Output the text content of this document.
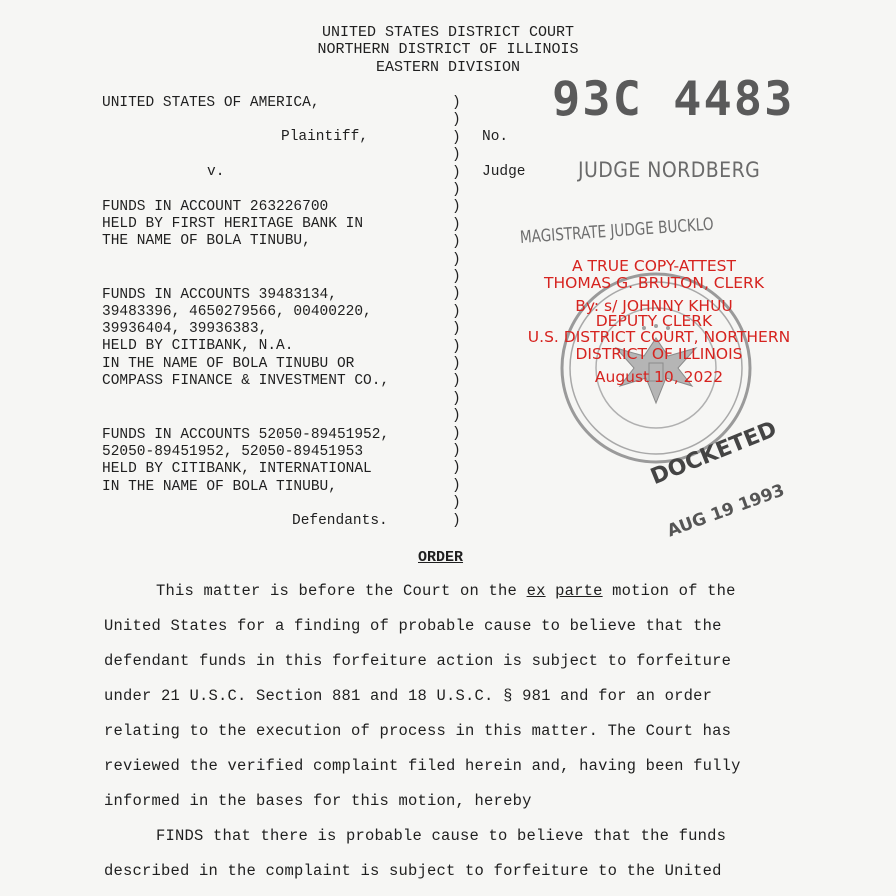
UNITED STATES DISTRICT COURT
NORTHERN DISTRICT OF ILLINOIS
EASTERN DIVISION
93C 4483
UNITED STATES OF AMERICA,
Plaintiff,
v.
FUNDS IN ACCOUNT 263226700
HELD BY FIRST HERITAGE BANK IN
THE NAME OF BOLA TINUBU,
FUNDS IN ACCOUNTS 39483134,
39483396, 4650279566, 00400220,
39936404, 39936383,
HELD BY CITIBANK, N.A.
IN THE NAME OF BOLA TINUBU OR
COMPASS FINANCE & INVESTMENT CO.,
FUNDS IN ACCOUNTS 52050-89451952,
52050-89451952, 52050-89451953
HELD BY CITIBANK, INTERNATIONAL
IN THE NAME OF BOLA TINUBU,
Defendants.
)
)
)
)
)
)
)
)
)
)
)
)
)
)
)
)
)
)
)
)
)
)
)
)
)
No.
Judge JUDGE NORDBERG
MAGISTRATE JUDGE BUCKLO
A TRUE COPY-ATTEST
THOMAS G. BRUTON, CLERK
By: s/ JOHNNY KHUU
DEPUTY CLERK
U.S. DISTRICT COURT, NORTHERN
DISTRICT OF ILLINOIS
August 10, 2022
DOCKETED
AUG 19 1993
ORDER
This matter is before the Court on the ex parte motion of the
United States for a finding of probable cause to believe that the
defendant funds in this forfeiture action is subject to forfeiture
under 21 U.S.C. Section 881 and 18 U.S.C. § 981 and for an order
relating to the execution of process in this matter. The Court has
reviewed the verified complaint filed herein and, having been fully
informed in the bases for this motion, hereby
FINDS that there is probable cause to believe that the funds
described in the complaint is subject to forfeiture to the United
